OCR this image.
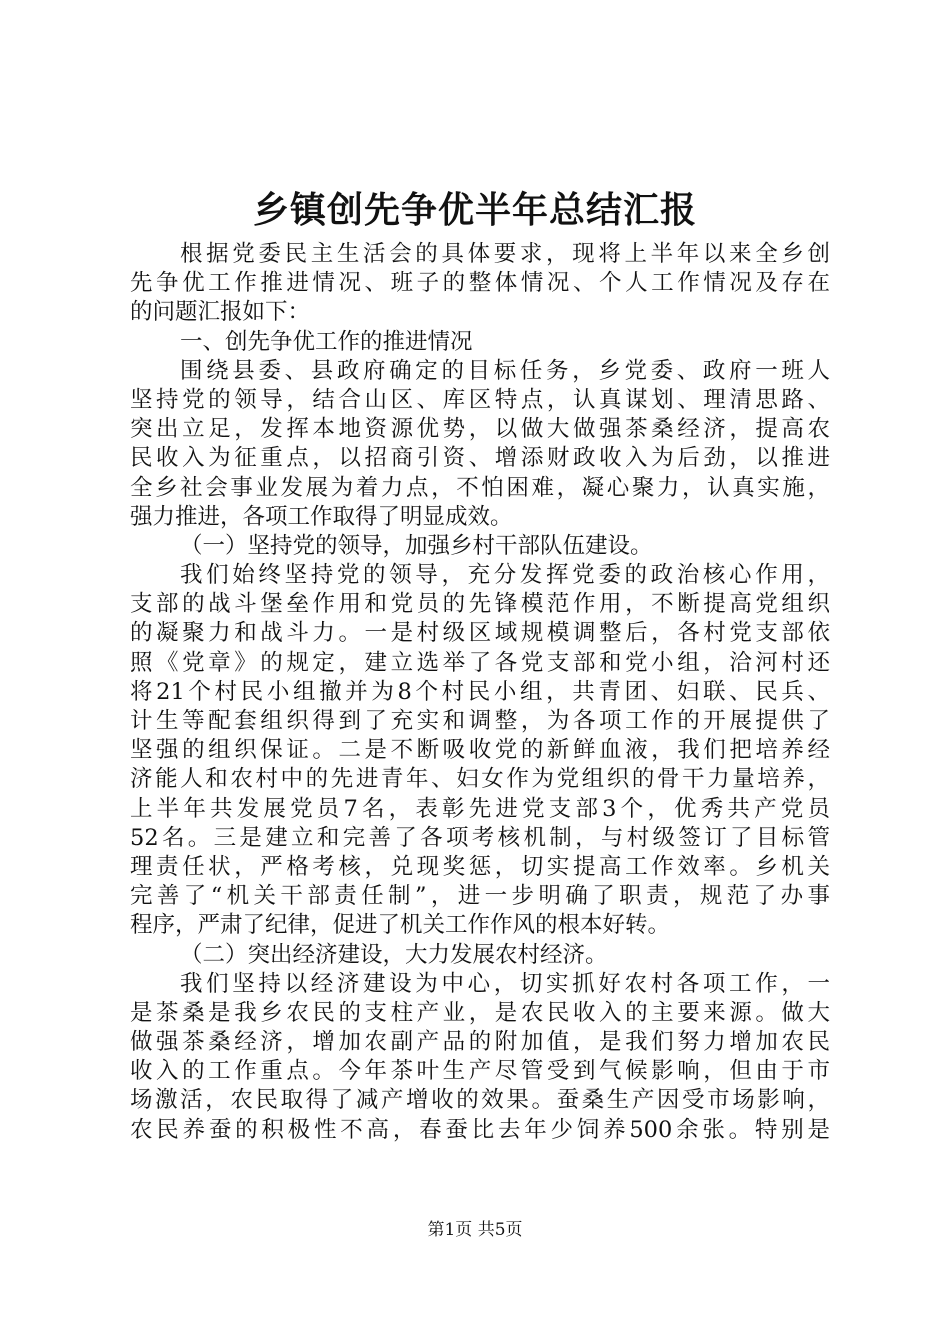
乡镇创先争优半年总结汇报
根据党委民主生活会的具体要求，现将上半年以来全乡创
先争优工作推进情况、班子的整体情况、个人工作情况及存在
的问题汇报如下：
一、创先争优工作的推进情况
围绕县委、县政府确定的目标任务，乡党委、政府一班人
坚持党的领导，结合山区、库区特点，认真谋划、理清思路、
突出立足，发挥本地资源优势，以做大做强茶桑经济，提高农
民收入为征重点，以招商引资、增添财政收入为后劲，以推进
全乡社会事业发展为着力点，不怕困难，凝心聚力，认真实施，
强力推进，各项工作取得了明显成效。
（一）坚持党的领导，加强乡村干部队伍建设。
我们始终坚持党的领导，充分发挥党委的政治核心作用，
支部的战斗堡垒作用和党员的先锋模范作用，不断提高党组织
的凝聚力和战斗力。一是村级区域规模调整后，各村党支部依
照《党章》的规定，建立选举了各党支部和党小组，洽河村还
将21个村民小组撤并为8个村民小组，共青团、妇联、民兵、
计生等配套组织得到了充实和调整，为各项工作的开展提供了
坚强的组织保证。二是不断吸收党的新鲜血液，我们把培养经
济能人和农村中的先进青年、妇女作为党组织的骨干力量培养，
上半年共发展党员7名，表彰先进党支部3个，优秀共产党员
52名。三是建立和完善了各项考核机制，与村级签订了目标管
理责任状，严格考核，兑现奖惩，切实提高工作效率。乡机关
完善了“机关干部责任制”，进一步明确了职责，规范了办事
程序，严肃了纪律，促进了机关工作作风的根本好转。
（二）突出经济建设，大力发展农村经济。
我们坚持以经济建设为中心，切实抓好农村各项工作，一
是茶桑是我乡农民的支柱产业，是农民收入的主要来源。做大
做强茶桑经济，增加农副产品的附加值，是我们努力增加农民
收入的工作重点。今年茶叶生产尽管受到气候影响，但由于市
场激活，农民取得了减产增收的效果。蚕桑生产因受市场影响，
农民养蚕的积极性不高，春蚕比去年少饲养500余张。特别是
第1页 共5页
